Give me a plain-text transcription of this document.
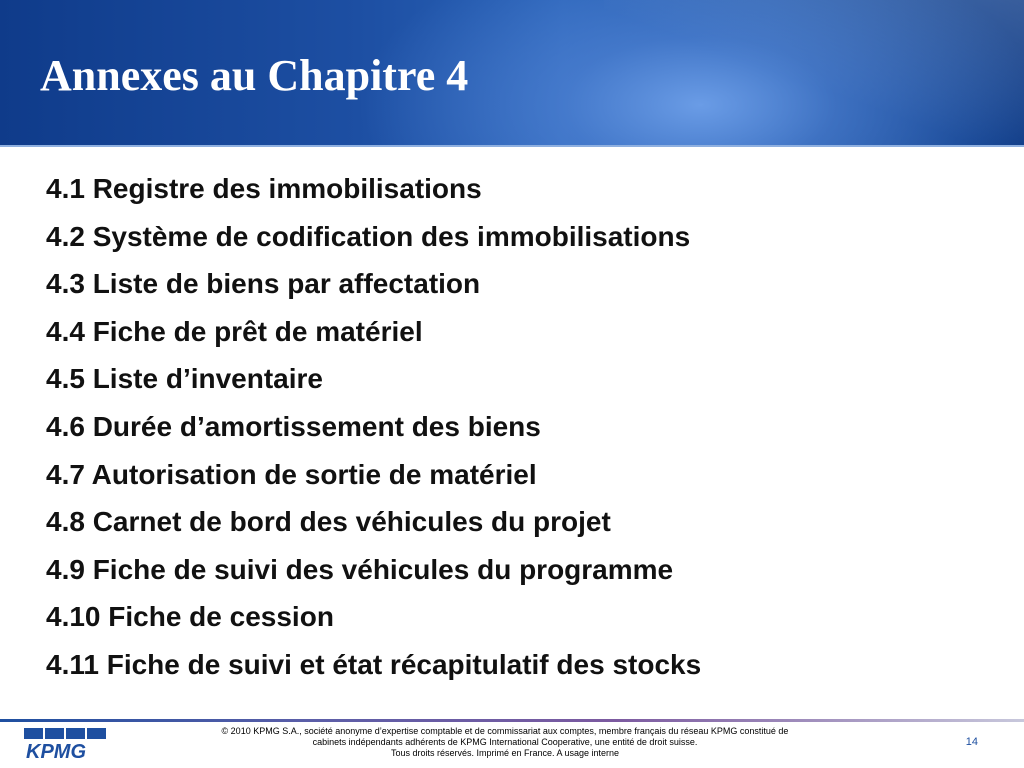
Annexes au Chapitre 4
4.1 Registre des immobilisations
4.2 Système de codification des immobilisations
4.3 Liste de biens par affectation
4.4 Fiche de prêt de matériel
4.5 Liste d’inventaire
4.6 Durée d’amortissement des biens
4.7 Autorisation de sortie de matériel
4.8 Carnet de bord des véhicules du projet
4.9 Fiche de suivi des véhicules du programme
4.10 Fiche de cession
4.11 Fiche de suivi et état récapitulatif des stocks
KPMG
© 2010 KPMG S.A., société anonyme d’expertise comptable et de commissariat aux comptes, membre français du réseau KPMG constitué de
cabinets indépendants adhérents de KPMG International Cooperative, une entité de droit suisse.
Tous droits réservés. Imprimé en France. A usage interne
14
